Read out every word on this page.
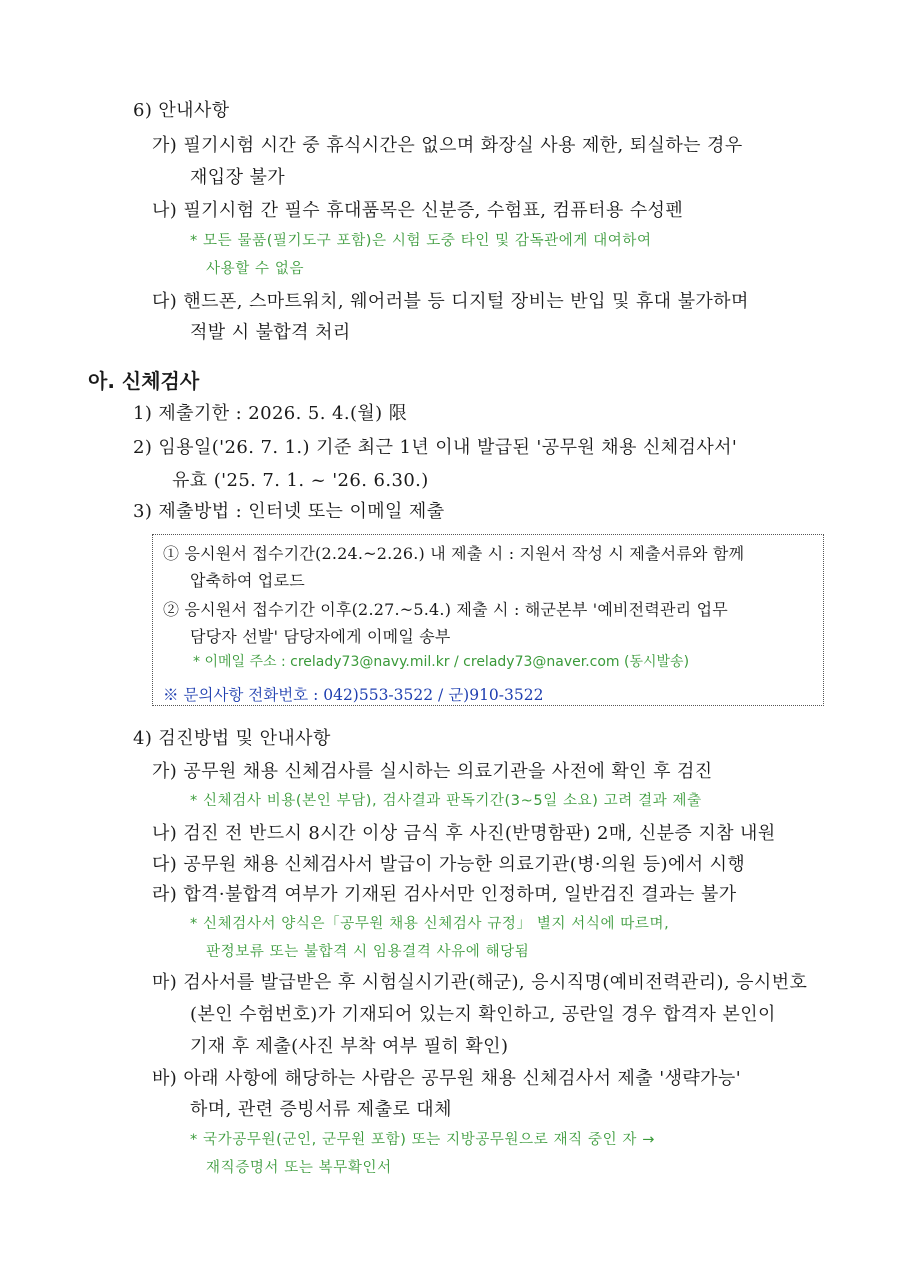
6) 안내사항
가) 필기시험 시간 중 휴식시간은 없으며 화장실 사용 제한, 퇴실하는 경우
재입장 불가
나) 필기시험 간 필수 휴대품목은 신분증, 수험표, 컴퓨터용 수성펜
* 모든 물품(필기도구 포함)은 시험 도중 타인 및 감독관에게 대여하여
사용할 수 없음
다) 핸드폰, 스마트워치, 웨어러블 등 디지털 장비는 반입 및 휴대 불가하며
적발 시 불합격 처리
아. 신체검사
1) 제출기한 : 2026. 5. 4.(월) 限
2) 임용일('26. 7. 1.) 기준 최근 1년 이내 발급된 '공무원 채용 신체검사서'
유효 ('25. 7. 1. ~ '26. 6.30.)
3) 제출방법 : 인터넷 또는 이메일 제출
① 응시원서 접수기간(2.24.~2.26.) 내 제출 시 : 지원서 작성 시 제출서류와 함께
압축하여 업로드
② 응시원서 접수기간 이후(2.27.~5.4.) 제출 시 : 해군본부 '예비전력관리 업무
담당자 선발' 담당자에게 이메일 송부
* 이메일 주소 : crelady73@navy.mil.kr / crelady73@naver.com (동시발송)
※ 문의사항 전화번호 : 042)553-3522 / 군)910-3522
4) 검진방법 및 안내사항
가) 공무원 채용 신체검사를 실시하는 의료기관을 사전에 확인 후 검진
* 신체검사 비용(본인 부담), 검사결과 판독기간(3~5일 소요) 고려 결과 제출
나) 검진 전 반드시 8시간 이상 금식 후 사진(반명함판) 2매, 신분증 지참 내원
다) 공무원 채용 신체검사서 발급이 가능한 의료기관(병·의원 등)에서 시행
라) 합격·불합격 여부가 기재된 검사서만 인정하며, 일반검진 결과는 불가
* 신체검사서 양식은「공무원 채용 신체검사 규정」 별지 서식에 따르며,
판정보류 또는 불합격 시 임용결격 사유에 해당됨
마) 검사서를 발급받은 후 시험실시기관(해군), 응시직명(예비전력관리), 응시번호
(본인 수험번호)가 기재되어 있는지 확인하고, 공란일 경우 합격자 본인이
기재 후 제출(사진 부착 여부 필히 확인)
바) 아래 사항에 해당하는 사람은 공무원 채용 신체검사서 제출 '생략가능'
하며, 관련 증빙서류 제출로 대체
* 국가공무원(군인, 군무원 포함) 또는 지방공무원으로 재직 중인 자 →
재직증명서 또는 복무확인서
